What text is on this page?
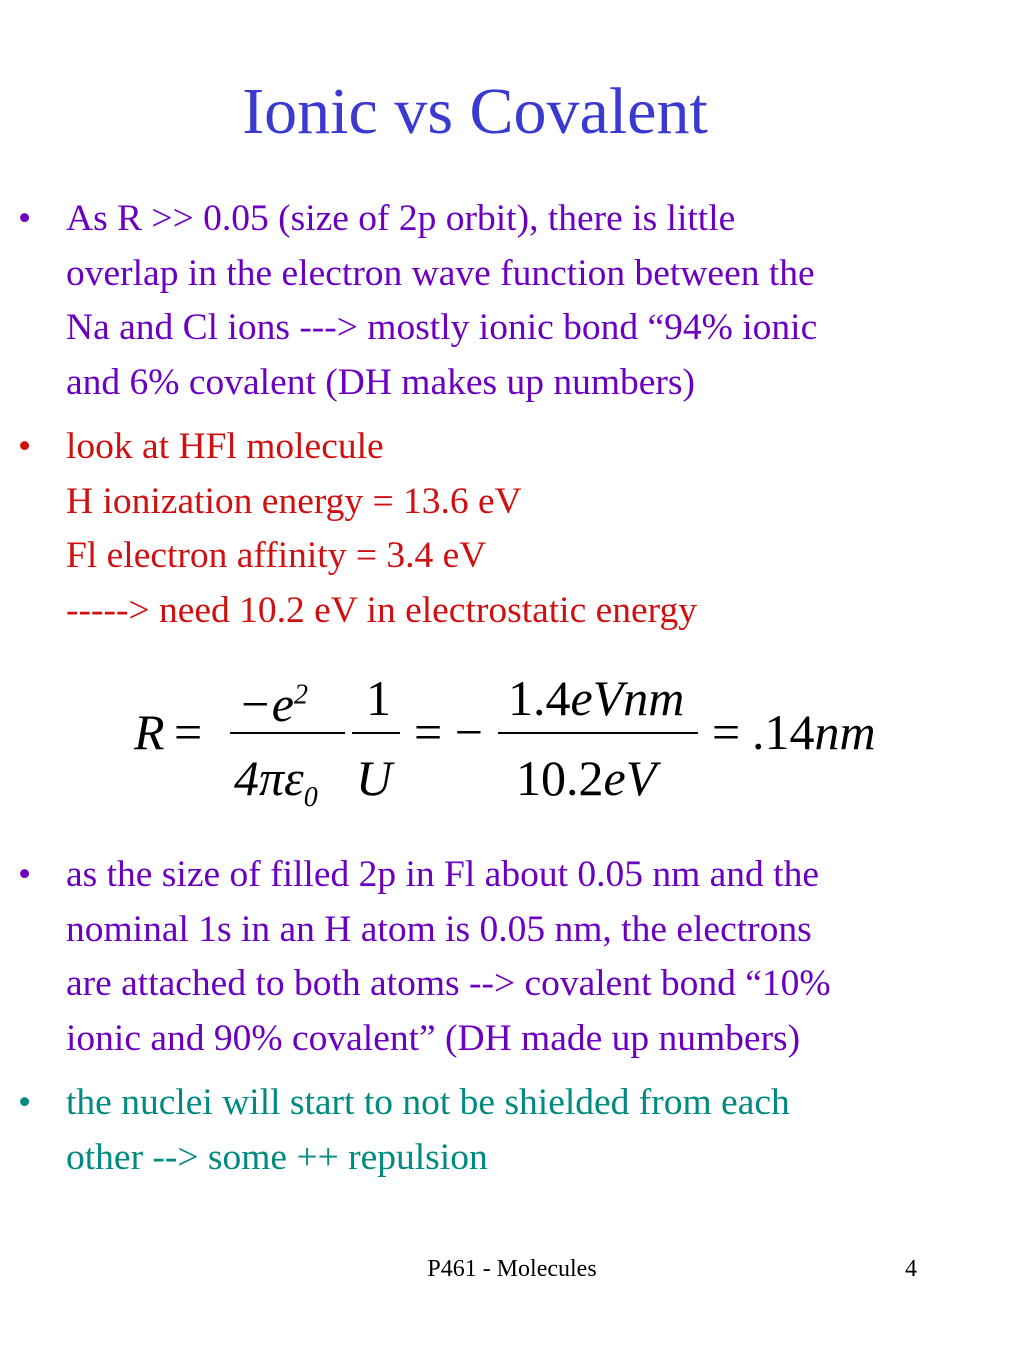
Ionic vs Covalent
• As R >> 0.05 (size of 2p orbit), there is little
overlap in the electron wave function between the
Na and Cl ions ---> mostly ionic bond “94% ionic
and 6% covalent (DH makes up numbers)
• look at HFl molecule
H ionization energy = 13.6 eV
Fl electron affinity = 3.4 eV
-----> need 10.2 eV in electrostatic energy
$R = -e^2$
$4\pi\varepsilon_0$
1
U
= −
1.4eVnm
10.2eV
= .14nm
• as the size of filled 2p in Fl about 0.05 nm and the
nominal 1s in an H atom is 0.05 nm, the electrons
are attached to both atoms --> covalent bond “10%
ionic and 90% covalent” (DH made up numbers)
• the nuclei will start to not be shielded from each
other --> some ++ repulsion
P461 - Molecules	4
